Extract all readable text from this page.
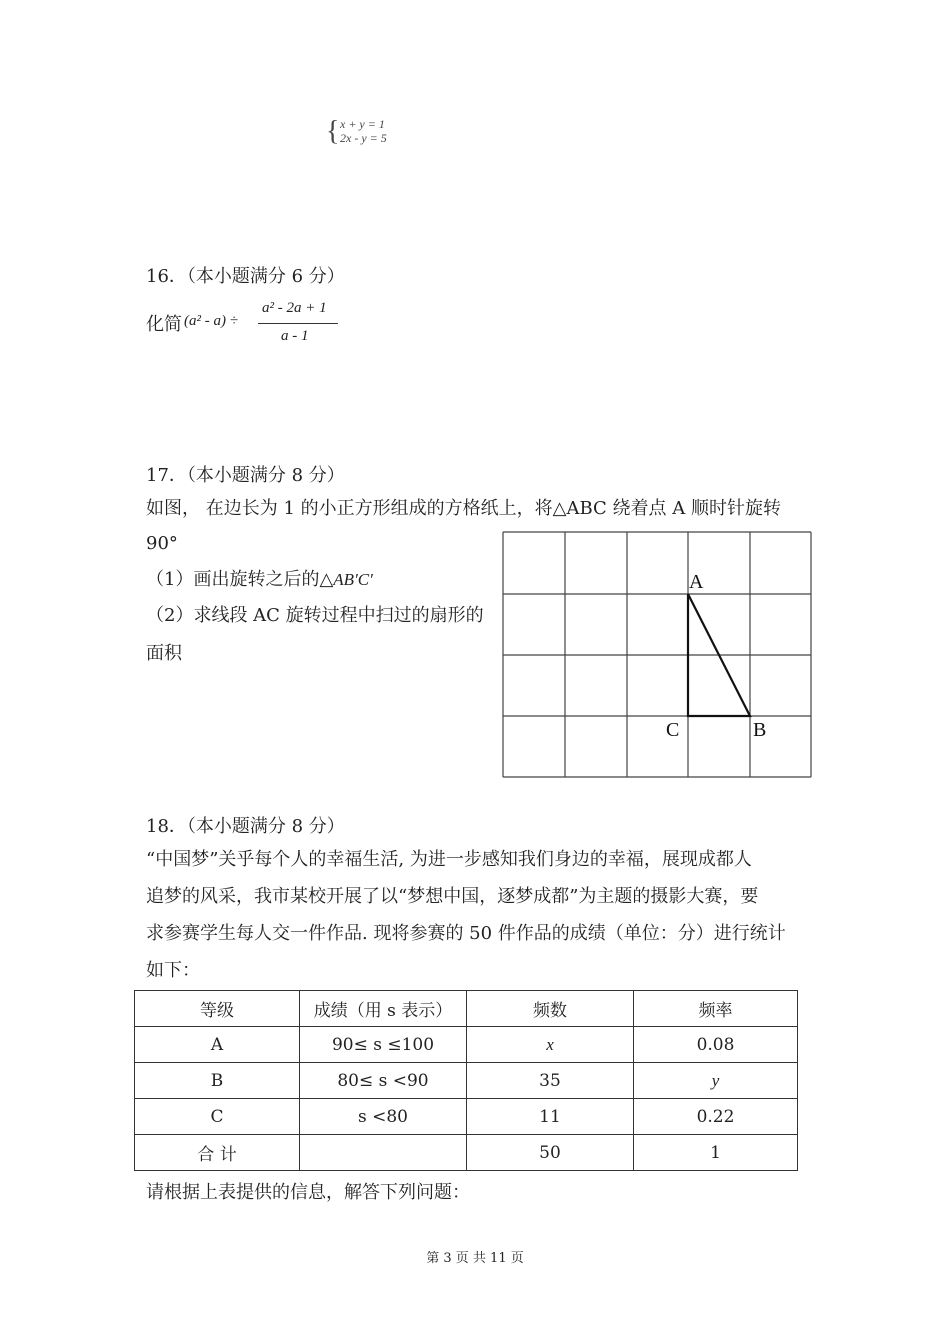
{ x + y = 1
2x - y = 5
16．（本小题满分 6 分）
化简 (a² - a) ÷
a² - 2a + 1
a - 1
17．（本小题满分 8 分）
如图， 在边长为 1 的小正方形组成的方格纸上，将△ABC 绕着点 A 顺时针旋转
90°
（1）画出旋转之后的△AB′C′
（2）求线段 AC 旋转过程中扫过的扇形的
面积
A
C	B
18．（本小题满分 8 分）
“中国梦”关乎每个人的幸福生活, 为进一步感知我们身边的幸福，展现成都人
追梦的风采，我市某校开展了以“梦想中国，逐梦成都”为主题的摄影大赛，要
求参赛学生每人交一件作品. 现将参赛的 50 件作品的成绩（单位：分）进行统计
如下：
等级	成绩（用 s 表示）	频数	频率
A	90≤ s ≤100	x	0.08
B	80≤ s <90	35	y
C	s <80	11	0.22
合 计		50	1
请根据上表提供的信息，解答下列问题：
第 3 页 共 11 页
